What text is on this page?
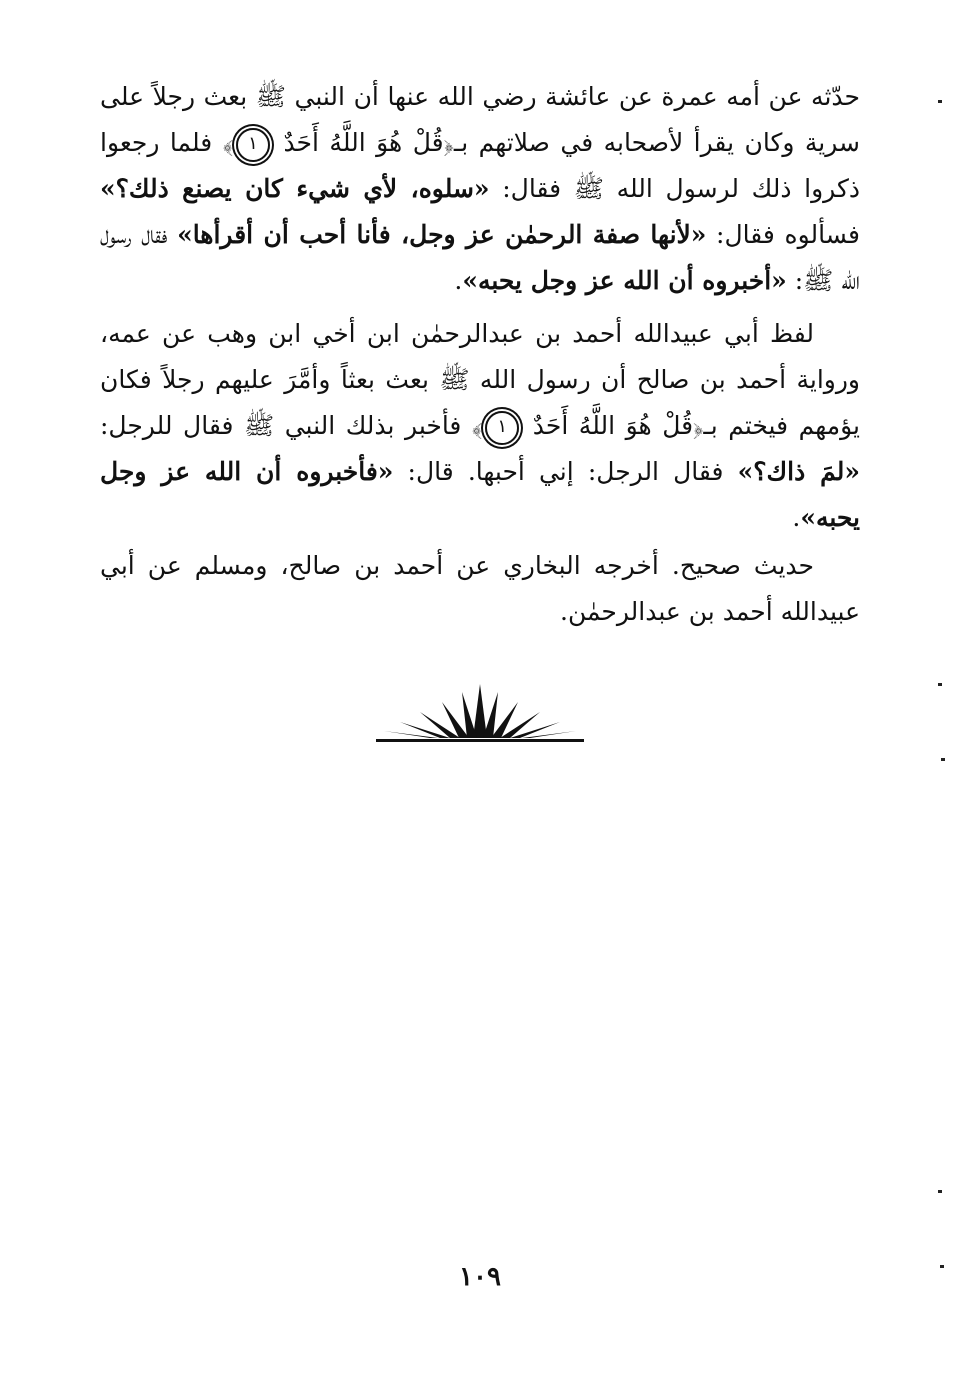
حدّثه عن أمه عمرة عن عائشة رضي الله عنها أن النبي ﷺ بعث رجلاً على سرية وكان يقرأ لأصحابه في صلاتهم بـ﴿قُلْ هُوَ اللَّهُ أَحَدٌ ١﴾ فلما رجعوا ذكروا ذلك لرسول الله ﷺ فقال: «سلوه، لأي شيء كان يصنع ذلك؟» فسألوه فقال: «لأنها صفة الرحمٰن عز وجل، فأنا أحب أن أقرأها» فقال رسول الله ﷺ: «أخبروه أن الله عز وجل يحبه».
لفظ أبي عبيدالله أحمد بن عبدالرحمٰن ابن أخي ابن وهب عن عمه، ورواية أحمد بن صالح أن رسول الله ﷺ بعث بعثاً وأمَّرَ عليهم رجلاً فكان يؤمهم فيختم بـ﴿قُلْ هُوَ اللَّهُ أَحَدٌ ١﴾ فأخبر بذلك النبي ﷺ فقال للرجل: «لمَ ذاك؟» فقال الرجل: إني أحبها. قال: «فأخبروه أن الله عز وجل يحبه».
حديث صحيح. أخرجه البخاري عن أحمد بن صالح، ومسلم عن أبي عبيدالله أحمد بن عبدالرحمٰن.
١٠٩
